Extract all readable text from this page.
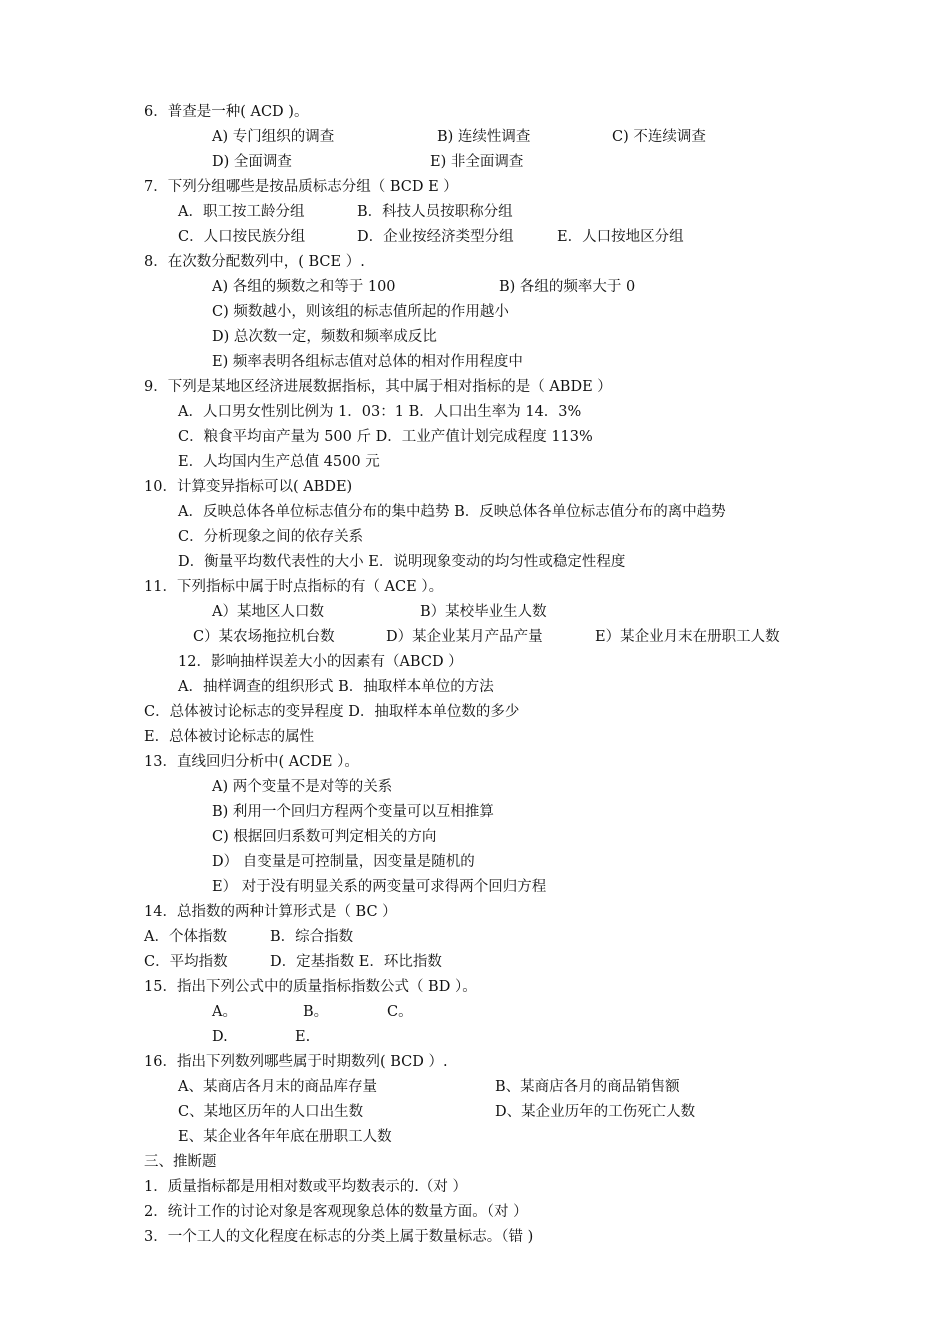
6．普查是一种( ACD )。
A) 专门组织的调查	B) 连续性调查	C) 不连续调查
D) 全面调查	E) 非全面调查
7．下列分组哪些是按品质标志分组（ BCD E ）
A．职工按工龄分组	B．科技人员按职称分组
C．人口按民族分组	D．企业按经济类型分组	E．人口按地区分组
8．在次数分配数列中，( BCE ）.
A) 各组的频数之和等于 100	B) 各组的频率大于 0
C) 频数越小，则该组的标志值所起的作用越小
D) 总次数一定，频数和频率成反比
E) 频率表明各组标志值对总体的相对作用程度中
9．下列是某地区经济进展数据指标，其中属于相对指标的是（ ABDE ）
A．人口男女性别比例为 1．03：1 B．人口出生率为 14．3%
C．粮食平均亩产量为 500 斤 D．工业产值计划完成程度 113%
E．人均国内生产总值 4500 元
10．计算变异指标可以( ABDE)
A．反映总体各单位标志值分布的集中趋势 B．反映总体各单位标志值分布的离中趋势
C．分析现象之间的依存关系
D．衡量平均数代表性的大小 E．说明现象变动的均匀性或稳定性程度
11．下列指标中属于时点指标的有（ ACE ）。
A）某地区人口数	B）某校毕业生人数
C）某农场拖拉机台数	D）某企业某月产品产量	E）某企业月末在册职工人数
12．影响抽样误差大小的因素有（ABCD ）
A．抽样调查的组织形式 B．抽取样本单位的方法
C．总体被讨论标志的变异程度 D．抽取样本单位数的多少
E．总体被讨论标志的属性
13．直线回归分析中( ACDE ）。
A) 两个变量不是对等的关系
B) 利用一个回归方程两个变量可以互相推算
C) 根据回归系数可判定相关的方向
D） 自变量是可控制量，因变量是随机的
E） 对于没有明显关系的两变量可求得两个回归方程
14．总指数的两种计算形式是（ BC ）
A．个体指数	B．综合指数
C．平均指数	D．定基指数 E．环比指数
15．指出下列公式中的质量指标指数公式（ BD ）。
A。	B。	C。
D.	E.
16．指出下列数列哪些属于时期数列( BCD ）.
A、某商店各月末的商品库存量	B、某商店各月的商品销售额
C、某地区历年的人口出生数	D、某企业历年的工伤死亡人数
E、某企业各年年底在册职工人数
三、推断题
1．质量指标都是用相对数或平均数表示的.（对 ）
2．统计工作的讨论对象是客观现象总体的数量方面。（对 ）
3．一个工人的文化程度在标志的分类上属于数量标志。（错 )
